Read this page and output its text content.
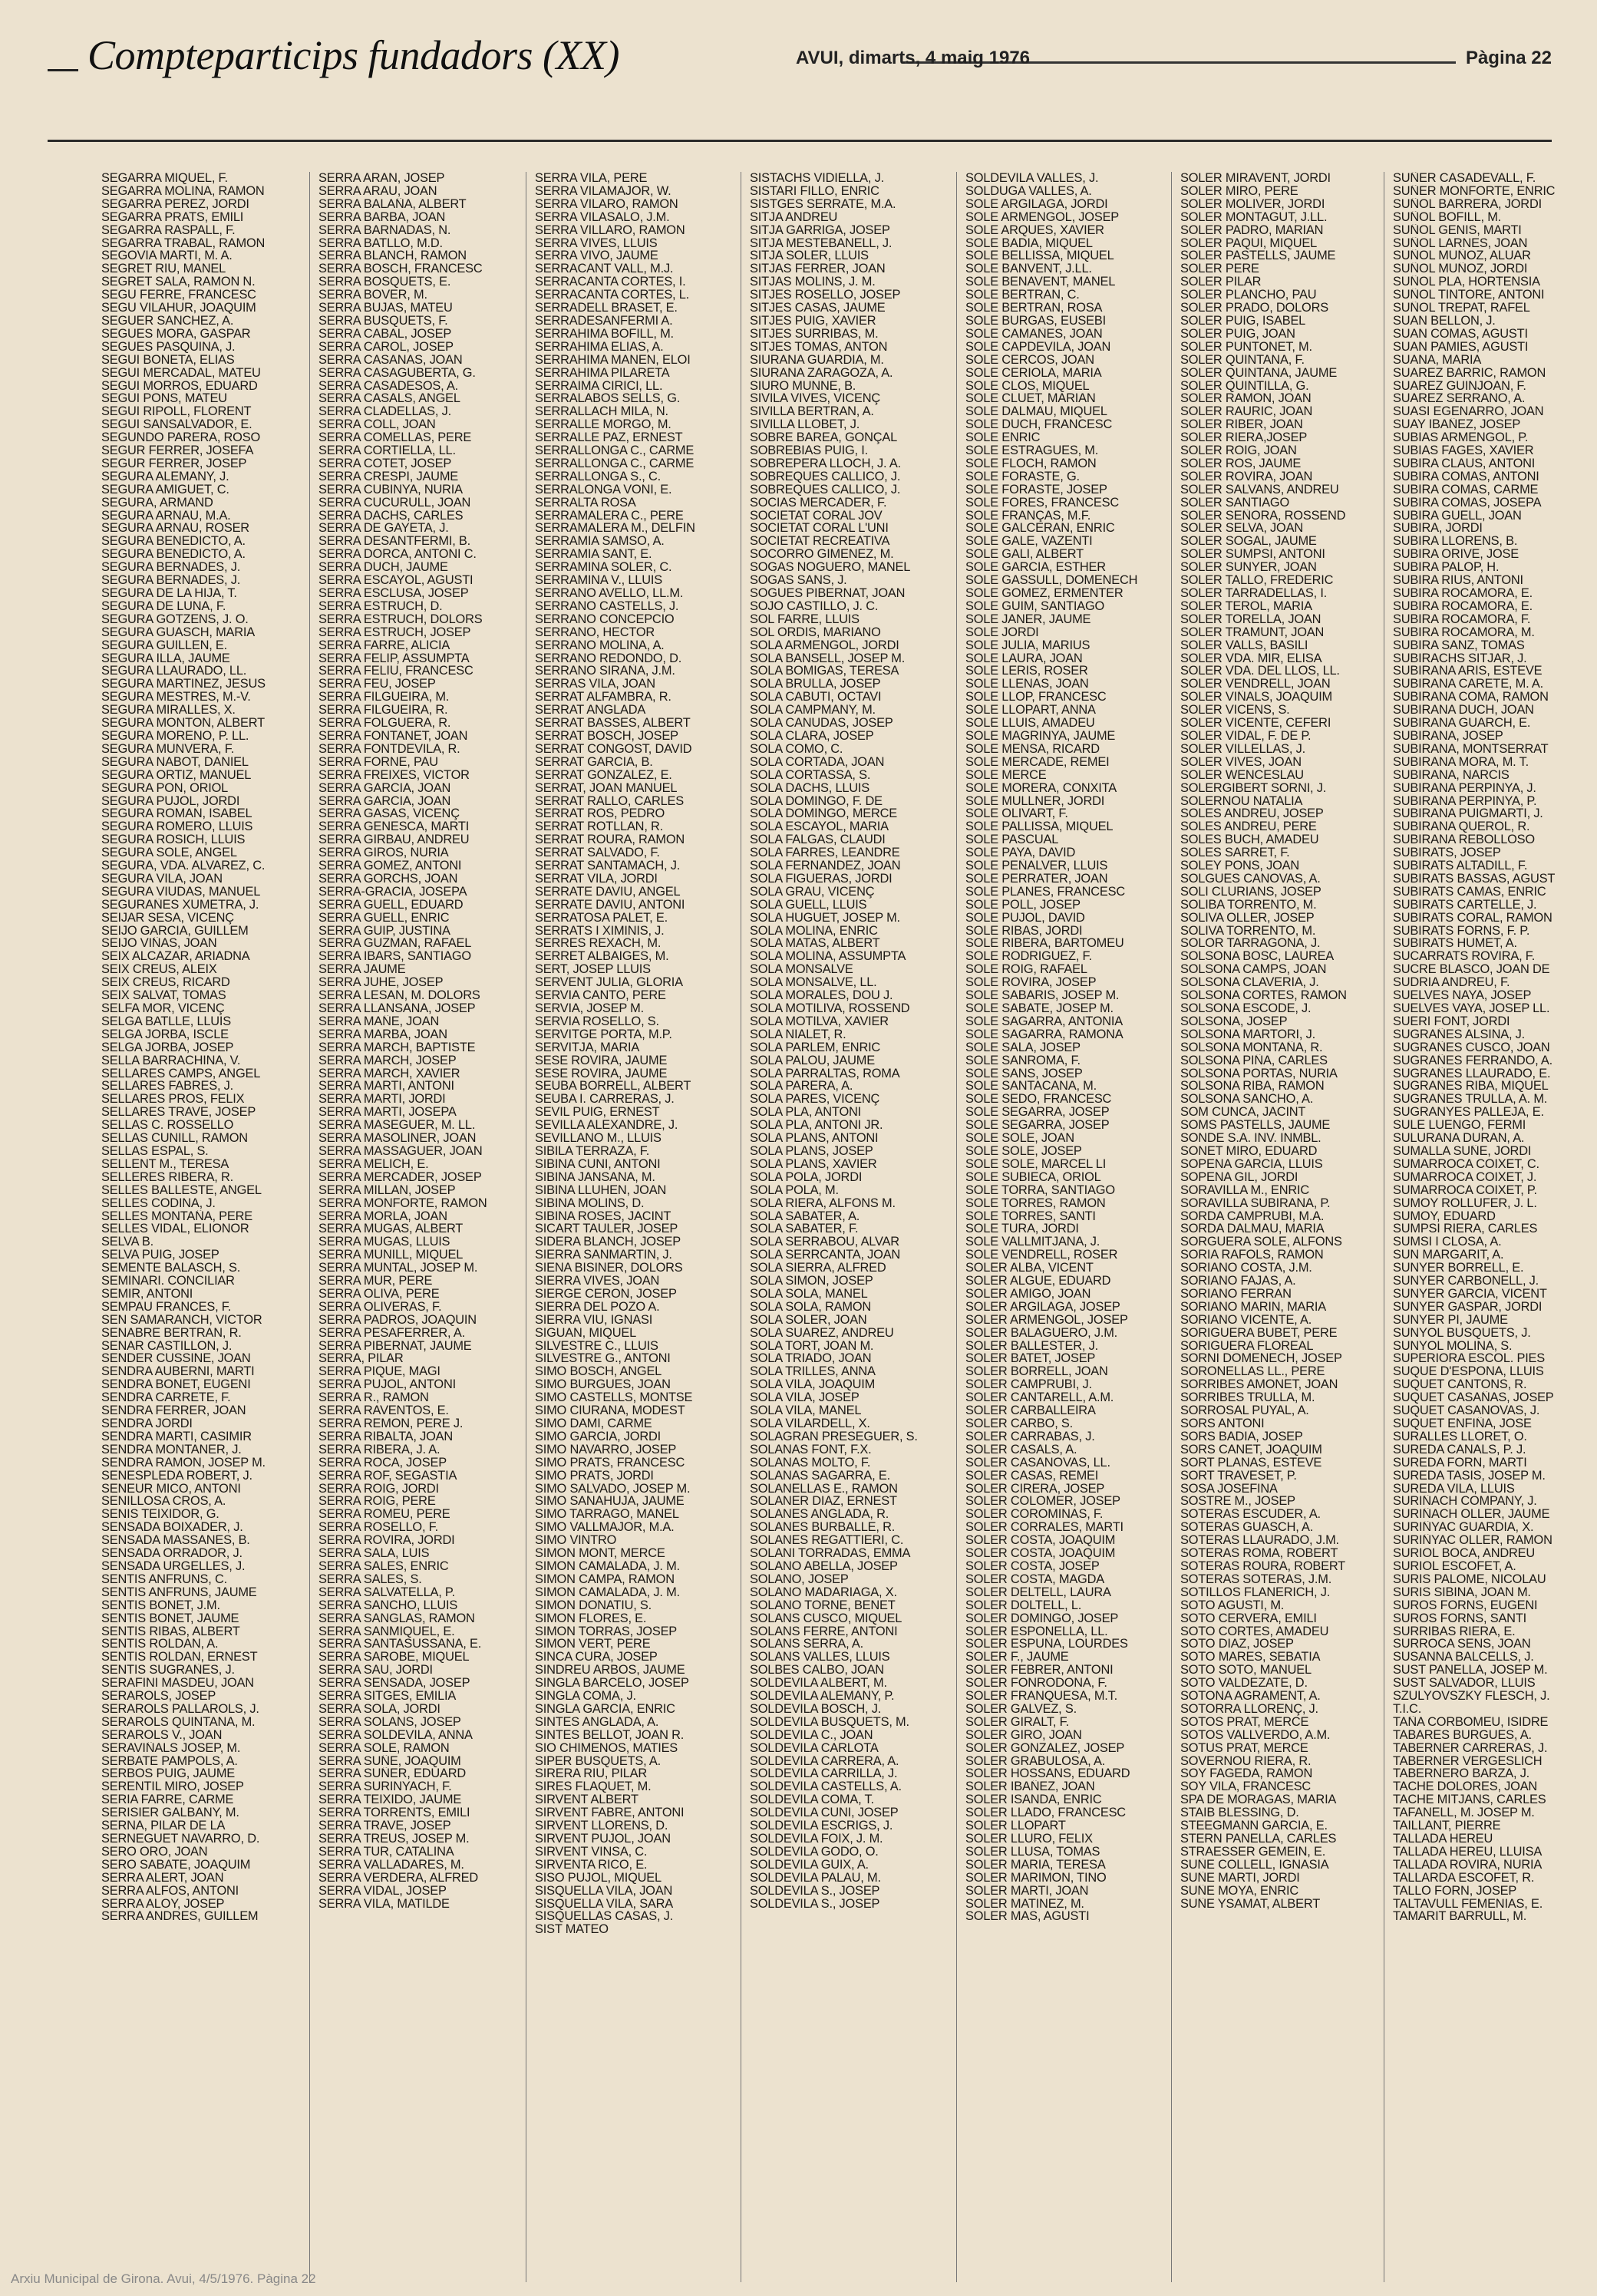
Compteparticips fundadors (XX)	AVUI, dimarts, 4 maig 1976	Pàgina 22
SEGARRA MIQUEL, F.
SEGARRA MOLINA, RAMON
SEGARRA PEREZ, JORDI
SEGARRA PRATS, EMILI
SEGARRA RASPALL, F.
SEGARRA TRABAL, RAMON
SEGOVIA MARTI, M. A.
SEGRET RIU, MANEL
SEGRET SALA, RAMON N.
SEGU FERRE, FRANCESC
SEGU VILAHUR, JOAQUIM
SEGUER SANCHEZ, A.
SEGUES MORA, GASPAR
SEGUES PASQUINA, J.
SEGUI BONETA, ELIAS
SEGUI MERCADAL, MATEU
SEGUI MORROS, EDUARD
SEGUI PONS, MATEU
SEGUI RIPOLL, FLORENT
SEGUI SANSALVADOR, E.
SEGUNDO PARERA, ROSO
SEGUR FERRER, JOSEFA
SEGUR FERRER, JOSEP
SEGURA ALEMANY, J.
SEGURA AMIGUET, C.
SEGURA, ARMAND
SEGURA ARNAU, M.A.
SEGURA ARNAU, ROSER
SEGURA BENEDICTO, A.
SEGURA BENEDICTO, A.
SEGURA BERNADES, J.
SEGURA BERNADES, J.
SEGURA DE LA HIJA, T.
SEGURA DE LUNA, F.
SEGURA GOTZENS, J. O.
SEGURA GUASCH, MARIA
SEGURA GUILLEN, E.
SEGURA ILLA, JAUME
SEGURA LLAURADO, LL.
SEGURA MARTINEZ, JESUS
SEGURA MESTRES, M.-V.
SEGURA MIRALLES, X.
SEGURA MONTON, ALBERT
SEGURA MORENO, P. LL.
SEGURA MUNVERA, F.
SEGURA NABOT, DANIEL
SEGURA ORTIZ, MANUEL
SEGURA PON, ORIOL
SEGURA PUJOL, JORDI
SEGURA ROMAN, ISABEL
SEGURA ROMERO, LLUIS
SEGURA ROSICH, LLUIS
SEGURA SOLE, ANGEL
SEGURA, VDA. ALVAREZ, C.
SEGURA VILA, JOAN
SEGURA VIUDAS, MANUEL
SEGURAÑES XUMETRA, J.
SEIJAR SESA, VICENÇ
SEIJO GARCIA, GUILLEM
SEIJO VIÑAS, JOAN
SEIX ALCAZAR, ARIADNA
SEIX CREUS, ALEIX
SEIX CREUS, RICARD
SEIX SALVAT, TOMAS
SELFA MOR, VICENÇ
SELGA BATLLE, LLUIS
SELGA JORBA, ISCLE
SELGA JORBA, JOSEP
SELLA BARRACHINA, V.
SELLARES CAMPS, ANGEL
SELLARES FABRES, J.
SELLARES PROS, FELIX
SELLARES TRAVE, JOSEP
SELLAS C. ROSSELLO
SELLAS CUNILL, RAMON
SELLAS ESPAL, S.
SELLENT M., TERESA
SELLERES RIBERA, R.
SELLES BALLESTE, ANGEL
SELLES CODINA, J.
SELLES MONTAÑA, PERE
SELLES VIDAL, ELIONOR
SELVA B.
SELVA PUIG, JOSEP
SEMENTE BALASCH, S.
SEMINARI. CONCILIAR
SEMIR, ANTONI
SEMPAU FRANCES, F.
SEN SAMARANCH, VICTOR
SENABRE BERTRAN, R.
SENAR CASTILLON, J.
SENDER CUSSINE, JOAN
SENDRA AUBERNI, MARTI
SENDRA BONET, EUGENI
SENDRA CARRETE, F.
SENDRA FERRER, JOAN
SENDRA JORDI
SENDRA MARTI, CASIMIR
SENDRA MONTANER, J.
SENDRA RAMON, JOSEP M.
SENESPLEDA ROBERT, J.
SENEUR MICO, ANTONI
SENILLOSA CROS, A.
SENIS TEIXIDOR, G.
SENSADA BOIXADER, J.
SENSADA MASSANES, B.
SENSADA ORRADOR, J.
SENSADA URGELLES, J.
SENTIS ANFRUNS, C.
SENTIS ANFRUNS, JAUME
SENTIS BONET, J.M.
SENTIS BONET, JAUME
SENTIS RIBAS, ALBERT
SENTIS ROLDAN, A.
SENTIS ROLDAN, ERNEST
SENTIS SUGRAÑES, J.
SERAFINI MASDEU, JOAN
SERAROLS, JOSEP
SERAROLS PALLAROLS, J.
SERAROLS QUINTANA, M.
SERAROLS V., JOAN
SERAVIÑALS JOSEP, M.
SERBATE PAMPOLS, A.
SERBOS PUIG, JAUME
SERENTIL MIRO, JOSEP
SERIA FARRE, CARME
SERISIER GALBANY, M.
SERNA, PILAR DE LA
SERNEGUET NAVARRO, D.
SERO ORO, JOAN
SERO SABATE, JOAQUIM
SERRA ALERT, JOAN
SERRA ALFOS, ANTONI
SERRA ALOY, JOSEP
SERRA ANDRES, GUILLEM
SERRA ARAN, JOSEP
SERRA ARAU, JOAN
SERRA BALAÑA, ALBERT
SERRA BARBA, JOAN
SERRA BARNADAS, N.
SERRA BATLLO, M.D.
SERRA BLANCH, RAMON
SERRA BOSCH, FRANCESC
SERRA BOSQUETS, E.
SERRA BOVER, M.
SERRA BUJAS, MATEU
SERRA BUSQUETS, F.
SERRA CABAL, JOSEP
SERRA CAROL, JOSEP
SERRA CASANAS, JOAN
SERRA CASAGUBERTA, G.
SERRA CASADESOS, A.
SERRA CASALS, ANGEL
SERRA CLADELLAS, J.
SERRA COLL, JOAN
SERRA COMELLAS, PERE
SERRA CORTIELLA, LL.
SERRA COTET, JOSEP
SERRA CRESPI, JAUME
SERRA CUBINYA, NURIA
SERRA CUCURULL, JOAN
SERRA DACHS, CARLES
SERRA DE GAYETA, J.
SERRA DESANTFERMI, B.
SERRA DORCA, ANTONI C.
SERRA DUCH, JAUME
SERRA ESCAYOL, AGUSTI
SERRA ESCLUSA, JOSEP
SERRA ESTRUCH, D.
SERRA ESTRUCH, DOLORS
SERRA ESTRUCH, JOSEP
SERRA FARRE, ALICIA
SERRA FELIP, ASSUMPTA
SERRA FELIU, FRANCESC
SERRA FEU, JOSEP
SERRA FILGUEIRA, M.
SERRA FILGUEIRA, R.
SERRA FOLGUERA, R.
SERRA FONTANET, JOAN
SERRA FONTDEVILA, R.
SERRA FORNE, PAU
SERRA FREIXES, VICTOR
SERRA GARCIA, JOAN
SERRA GARCIA, JOAN
SERRA GASAS, VICENÇ
SERRA GENESCA, MARTI
SERRA GIRBAU, ANDREU
SERRA GIROS, NURIA
SERRA GOMEZ, ANTONI
SERRA GORCHS, JOAN
SERRA-GRACIA, JOSEPA
SERRA GUELL, EDUARD
SERRA GUELL, ENRIC
SERRA GUIP, JUSTINA
SERRA GUZMAN, RAFAEL
SERRA IBARS, SANTIAGO
SERRA JAUME
SERRA JUHE, JOSEP
SERRA LESAN, M. DOLORS
SERRA LLANSANA, JOSEP
SERRA MAÑE, JOAN
SERRA MARBA, JOAN
SERRA MARCH, BAPTISTE
SERRA MARCH, JOSEP
SERRA MARCH, XAVIER
SERRA MARTI, ANTONI
SERRA MARTI, JORDI
SERRA MARTI, JOSEPA
SERRA MASEGUER, M. LL.
SERRA MASOLINER, JOAN
SERRA MASSAGUER, JOAN
SERRA MELICH, E.
SERRA MERCADER, JOSEP
SERRA MILLAN, JOSEP
SERRA MONFORTE, RAMON
SERRA MORLA, JOAN
SERRA MUGAS, ALBERT
SERRA MUGAS, LLUIS
SERRA MUNILL, MIQUEL
SERRA MUNTAL, JOSEP M.
SERRA MUR, PERE
SERRA OLIVA, PERE
SERRA OLIVERAS, F.
SERRA PADROS, JOAQUIN
SERRA PESAFERRER, A.
SERRA PIBERNAT, JAUME
SERRA, PILAR
SERRA PIQUE, MAGI
SERRA PUJOL, ANTONI
SERRA R., RAMON
SERRA RAVENTOS, E.
SERRA REMON, PERE J.
SERRA RIBALTA, JOAN
SERRA RIBERA, J. A.
SERRA ROCA, JOSEP
SERRA ROF, SEGASTIA
SERRA ROIG, JORDI
SERRA ROIG, PERE
SERRA ROMEU, PERE
SERRA ROSELLO, F.
SERRA ROVIRA, JORDI
SERRA SALA, LUIS
SERRA SALES, ENRIC
SERRA SALES, S.
SERRA SALVATELLA, P.
SERRA SANCHO, LLUIS
SERRA SANGLAS, RAMON
SERRA SANMIQUEL, E.
SERRA SANTASUSSANA, E.
SERRA SAROBE, MIQUEL
SERRA SAU, JORDI
SERRA SENSADA, JOSEP
SERRA SITGES, EMILIA
SERRA SOLA, JORDI
SERRA SOLANS, JOSEP
SERRA SOLDEVILA, ANNA
SERRA SOLE, RAMON
SERRA SUÑE, JOAQUIM
SERRA SUÑER, EDUARD
SERRA SURINYACH, F.
SERRA TEIXIDO, JAUME
SERRA TORRENTS, EMILI
SERRA TRAVE, JOSEP
SERRA TREUS, JOSEP M.
SERRA TUR, CATALINA
SERRA VALLADARES, M.
SERRA VERDERA, ALFRED
SERRA VIDAL, JOSEP
SERRA VILA, MATILDE
SERRA VILA, PERE
SERRA VILAMAJOR, W.
SERRA VILARO, RAMON
SERRA VILASALO, J.M.
SERRA VILLARO, RAMON
SERRA VIVES, LLUIS
SERRA VIVO, JAUME
SERRACANT VALL, M.J.
SERRACANTA CORTES, I.
SERRACANTA CORTES, L.
SERRADELL BRASET, E.
SERRADESANFERMI A.
SERRAHIMA BOFILL, M.
SERRAHIMA ELIAS, A.
SERRAHIMA MANEN, ELOI
SERRAHIMA PILARETA
SERRAIMA CIRICI, LL.
SERRALABOS SELLS, G.
SERRALLACH MILA, N.
SERRALLE MORGO, M.
SERRALLE PAZ, ERNEST
SERRALLONGA C., CARME
SERRALLONGA C., CARME
SERRALLONGA S., C.
SERRALONGA VONI, E.
SERRALTA ROSA
SERRAMALERA C., PERE
SERRAMALERA M., DELFIN
SERRAMIA SAMSO, A.
SERRAMIA SANT, E.
SERRAMINA SOLER, C.
SERRAMINA V., LLUIS
SERRANO AVELLO, LL.M.
SERRANO CASTELLS, J.
SERRANO CONCEPCIO
SERRANO, HECTOR
SERRANO MOLINA, A.
SERRANO REDONDO, D.
SERRANO SIRAÑA, J.M.
SERRAS VILA, JOAN
SERRAT ALFAMBRA, R.
SERRAT ANGLADA
SERRAT BASSES, ALBERT
SERRAT BOSCH, JOSEP
SERRAT CONGOST, DAVID
SERRAT GARCIA, B.
SERRAT GONZALEZ, E.
SERRAT, JOAN MANUEL
SERRAT RALLO, CARLES
SERRAT ROS, PEDRO
SERRAT ROTLLAN, R.
SERRAT ROURA, RAMON
SERRAT SALVADO, F.
SERRAT SANTAMACH, J.
SERRAT VILA, JORDI
SERRATE DAVIU, ANGEL
SERRATE DAVIU, ANTONI
SERRATOSA PALET, E.
SERRATS I XIMINIS, J.
SERRES REXACH, M.
SERRET ALBAIGES, M.
SERT, JOSEP LLUIS
SERVENT JULIA, GLORIA
SERVIA CANTO, PERE
SERVIA, JOSEP M.
SERVIA ROSELLO, S.
SERVITGE PORTA, M.P.
SERVITJA, MARIA
SESE ROVIRA, JAUME
SESE ROVIRA, JAUME
SEUBA BORRELL, ALBERT
SEUBA I. CARRERAS, J.
SEVIL PUIG, ERNEST
SEVILLA ALEXANDRE, J.
SEVILLANO M., LLUIS
SIBILA TERRAZA, F.
SIBINA CUNI, ANTONI
SIBINA JANSANA, M.
SIBINA LLUHEN, JOAN
SIBINA MOLINS, D.
SIBINA ROSES, JACINT
SICART TAULER, JOSEP
SIDERA BLANCH, JOSEP
SIERRA SANMARTIN, J.
SIENA BISINER, DOLORS
SIERRA VIVES, JOAN
SIERGE CERON, JOSEP
SIERRA DEL POZO A.
SIERRA VIU, IGNASI
SIGUAN, MIQUEL
SILVESTRE C., LLUIS
SILVESTRE G., ANTONI
SIMO BOSCH, ANGEL
SIMO BURGUES, JOAN
SIMO CASTELLS, MONTSE
SIMO CIURANA, MODEST
SIMO DAMI, CARME
SIMO GARCIA, JORDI
SIMO NAVARRO, JOSEP
SIMO PRATS, FRANCESC
SIMO PRATS, JORDI
SIMO SALVADO, JOSEP M.
SIMO SANAHUJA, JAUME
SIMO TARRAGO, MANEL
SIMO VALLMAJOR, M.A.
SIMO VINTRO
SIMON MONT, MERCE
SIMON CAMALADA, J. M.
SIMON CAMPA, RAMON
SIMON CAMALADA, J. M.
SIMON DONATIU, S.
SIMON FLORES, E.
SIMON TORRAS, JOSEP
SIMON VERT, PERE
SINCA CURA, JOSEP
SINDREU ARBOS, JAUME
SINGLA BARCELO, JOSEP
SINGLA COMA, J.
SINGLA GARCIA, ENRIC
SINTES ANGLADA, A.
SINTES BELLOT, JOAN R.
SIO CHIMENOS, MATIES
SIPER BUSQUETS, A.
SIRERA RIU, PILAR
SIRES FLAQUET, M.
SIRVENT ALBERT
SIRVENT FABRE, ANTONI
SIRVENT LLORENS, D.
SIRVENT PUJOL, JOAN
SIRVENT VINSA, C.
SIRVENTA RICO, E.
SISO PUJOL, MIQUEL
SISQUELLA VILA, JOAN
SISQUELLA VILA, SARA
SISQUELLAS CASAS, J.
SIST MATEO
SISTACHS VIDIELLA, J.
SISTARI FILLO, ENRIC
SISTGES SERRATE, M.A.
SITJA ANDREU
SITJA GARRIGA, JOSEP
SITJA MESTEBANELL, J.
SITJA SOLER, LLUIS
SITJAS FERRER, JOAN
SITJAS MOLINS, J. M.
SITJES ROSELLO, JOSEP
SITJES CASAS, JAUME
SITJES PUIG, XAVIER
SITJES SURRIBAS, M.
SITJES TOMAS, ANTON
SIURANA GUARDIA, M.
SIURANA ZARAGOZA, A.
SIURO MUNNE, B.
SIVILA VIVES, VICENÇ
SIVILLA BERTRAN, A.
SIVILLA LLOBET, J.
SOBRE BAREA, GONÇAL
SOBREBIAS PUIG, I.
SOBREPERA LLOCH, J. A.
SOBREQUES CALLICO, J.
SOBREQUES CALLICO, J.
SOCIAS MERCADER, F.
SOCIETAT CORAL JOV
SOCIETAT CORAL L'UNI
SOCIETAT RECREATIVA
SOCORRO GIMENEZ, M.
SOGAS NOGUERO, MANEL
SOGAS SANS, J.
SOGUES PIBERNAT, JOAN
SOJO CASTILLO, J. C.
SOL FARRE, LLUIS
SOL ORDIS, MARIANO
SOLA ARMENGOL, JORDI
SOLA BANSELL, JOSEP M.
SOLA BOMIGAS, TERESA
SOLA BRULLA, JOSEP
SOLA CABUTI, OCTAVI
SOLA CAMPMANY, M.
SOLA CANUDAS, JOSEP
SOLA CLARA, JOSEP
SOLA COMO, C.
SOLA CORTADA, JOAN
SOLA CORTASSA, S.
SOLA DACHS, LLUIS
SOLA DOMINGO, F. DE
SOLA DOMINGO, MERCE
SOLA ESCAYOL, MARIA
SOLA FALGAS, CLAUDI
SOLA FARRES, LEANDRE
SOLA FERNANDEZ, JOAN
SOLA FIGUERAS, JORDI
SOLA GRAU, VICENÇ
SOLA GUELL, LLUIS
SOLA HUGUET, JOSEP M.
SOLA MOLINA, ENRIC
SOLA MATAS, ALBERT
SOLA MOLINA, ASSUMPTA
SOLA MONSALVE
SOLA MONSALVE, LL.
SOLA MORALES, DOU J.
SOLA MOTILIVA, ROSSEND
SOLA MOTILVA, XAVIER
SOLA NIALET, R.
SOLA PARLEM, ENRIC
SOLA PALOU, JAUME
SOLA PARRALTAS, ROMA
SOLA PARERA, A.
SOLA PARES, VICENÇ
SOLA PLA, ANTONI
SOLA PLA, ANTONI JR.
SOLA PLANS, ANTONI
SOLA PLANS, JOSEP
SOLA PLANS, XAVIER
SOLA POLA, JORDI
SOLA POLA, M.
SOLA RIERA, ALFONS M.
SOLA SABATER, A.
SOLA SABATER, F.
SOLA SERRABOU, ALVAR
SOLA SERRCANTA, JOAN
SOLA SIERRA, ALFRED
SOLA SIMON, JOSEP
SOLA SOLA, MANEL
SOLA SOLA, RAMON
SOLA SOLER, JOAN
SOLA SUAREZ, ANDREU
SOLA TORT, JOAN M.
SOLA TRIADO, JOAN
SOLA TRILLES, ANNA
SOLA VILA, JOAQUIM
SOLA VILA, JOSEP
SOLA VILA, MANEL
SOLA VILARDELL, X.
SOLAGRAN PRESEGUER, S.
SOLANAS FONT, F.X.
SOLANAS MOLTO, F.
SOLANAS SAGARRA, E.
SOLANELLAS E., RAMON
SOLANER DIAZ, ERNEST
SOLANES ANGLADA, R.
SOLANES BURBALLE, R.
SOLANES REGATTIERI, C.
SOLANI TORRADAS, EMMA
SOLANO ABELLA, JOSEP
SOLANO, JOSEP
SOLANO MADARIAGA, X.
SOLANO TORNE, BENET
SOLANS CUSCO, MIQUEL
SOLANS FERRE, ANTONI
SOLANS SERRA, A.
SOLANS VALLES, LLUIS
SOLBES CALBO, JOAN
SOLDEVILA ALBERT, M.
SOLDEVILA ALEMANY, P.
SOLDEVILA BOSCH, J.
SOLDEVILA BUSQUETS, M.
SOLDEVILA C., JOAN
SOLDEVILA CARLOTA
SOLDEVILA CARRERA, A.
SOLDEVILA CARRILLA, J.
SOLDEVILA CASTELLS, A.
SOLDEVILA COMA, T.
SOLDEVILA CUNI, JOSEP
SOLDEVILA ESCRIGS, J.
SOLDEVILA FOIX, J. M.
SOLDEVILA GODO, O.
SOLDEVILA GUIX, A.
SOLDEVILA PALAU, M.
SOLDEVILA S., JOSEP
SOLDEVILA S., JOSEP
SOLDEVILA VALLES, J.
SOLDUGA VALLES, A.
SOLE ARGILAGA, JORDI
SOLE ARMENGOL, JOSEP
SOLE ARQUES, XAVIER
SOLE BADIA, MIQUEL
SOLE BELLISSA, MIQUEL
SOLE BANVENT, J.LL.
SOLE BENAVENT, MANEL
SOLE BERTRAN, C.
SOLE BERTRAN, ROSA
SOLE BURGAS, EUSEBI
SOLE CAMAÑES, JOAN
SOLE CAPDEVILA, JOAN
SOLE CERCOS, JOAN
SOLE CERIOLA, MARIA
SOLE CLOS, MIQUEL
SOLE CLUET, MARIAN
SOLE DALMAU, MIQUEL
SOLE DUCH, FRANCESC
SOLE ENRIC
SOLE ESTRAGUES, M.
SOLE FLOCH, RAMON
SOLE FORASTE, G.
SOLE FORASTE, JOSEP
SOLE FORES, FRANCESC
SOLE FRANÇAS, M.F.
SOLE GALCERAN, ENRIC
SOLE GALE, VAZENTI
SOLE GALI, ALBERT
SOLE GARCIA, ESTHER
SOLE GASSULL, DOMENECH
SOLE GOMEZ, ERMENTER
SOLE GUIM, SANTIAGO
SOLE JANER, JAUME
SOLE JORDI
SOLE JULIA, MARIUS
SOLE LAURA, JOAN
SOLE LERIS, ROSER
SOLE LLENAS, JOAN
SOLE LLOP, FRANCESC
SOLE LLOPART, ANNA
SOLE LLUIS, AMADEU
SOLE MAGRINYA, JAUME
SOLE MENSA, RICARD
SOLE MERCADE, REMEI
SOLE MERCE
SOLE MORERA, CONXITA
SOLE MULLNER, JORDI
SOLE OLIVART, F.
SOLE PALLISSA, MIQUEL
SOLE PASCUAL
SOLE PAYA, DAVID
SOLE PEÑALVER, LLUIS
SOLE PERRATER, JOAN
SOLE PLANES, FRANCESC
SOLE POLL, JOSEP
SOLE PUJOL, DAVID
SOLE RIBAS, JORDI
SOLE RIBERA, BARTOMEU
SOLE RODRIGUEZ, F.
SOLE ROIG, RAFAEL
SOLE ROVIRA, JOSEP
SOLE SABARIS, JOSEP M.
SOLE SABATE, JOSEP M.
SOLE SAGARRA, ANTONIA
SOLE SAGARRA, RAMONA
SOLE SALA, JOSEP
SOLE SANROMA, F.
SOLE SANS, JOSEP
SOLE SANTACANA, M.
SOLE SEDO, FRANCESC
SOLE SEGARRA, JOSEP
SOLE SEGARRA, JOSEP
SOLE SOLE, JOAN
SOLE SOLE, JOSEP
SOLE SOLE, MARCEL LI
SOLE SUBIECA, ORIOL
SOLE TORRA, SANTIAGO
SOLE TORRES, RAMON
SOLE TORRES, SANTI
SOLE TURA, JORDI
SOLE VALLMITJANA, J.
SOLE VENDRELL, ROSER
SOLER ALBA, VICENT
SOLER ALGUE, EDUARD
SOLER AMIGO, JOAN
SOLER ARGILAGA, JOSEP
SOLER ARMENGOL, JOSEP
SOLER BALAGUERO, J.M.
SOLER BALLESTER, J.
SOLER BATET, JOSEP
SOLER BORRELL, JOAN
SOLER CAMPRUBI, J.
SOLER CANTARELL, A.M.
SOLER CARBALLEIRA
SOLER CARBO, S.
SOLER CARRABAS, J.
SOLER CASALS, A.
SOLER CASANOVAS, LL.
SOLER CASAS, REMEI
SOLER CIRERA, JOSEP
SOLER COLOMER, JOSEP
SOLER COROMINAS, F.
SOLER CORRALES, MARTI
SOLER COSTA, JOAQUIM
SOLER COSTA, JOAQUIM
SOLER COSTA, JOSEP
SOLER COSTA, MAGDA
SOLER DELTELL, LAURA
SOLER DOLTELL, L.
SOLER DOMINGO, JOSEP
SOLER ESPONELLA, LL.
SOLER ESPUÑA, LOURDES
SOLER F., JAUME
SOLER FEBRER, ANTONI
SOLER FONRODONA, F.
SOLER FRANQUESA, M.T.
SOLER GALVEZ, S.
SOLER GIRALT, F.
SOLER GIRO, JOAN
SOLER GONZALEZ, JOSEP
SOLER GRABULOSA, A.
SOLER HOSSANS, EDUARD
SOLER IBAÑEZ, JOAN
SOLER ISANDA, ENRIC
SOLER LLADO, FRANCESC
SOLER LLOPART
SOLER LLURO, FELIX
SOLER LLUSA, TOMAS
SOLER MARIA, TERESA
SOLER MARIMON, TINO
SOLER MARTI, JOAN
SOLER MATINEZ, M.
SOLER MAS, AGUSTI
SOLER MIRAVENT, JORDI
SOLER MIRO, PERE
SOLER MOLIVER, JORDI
SOLER MONTAGUT, J.LL.
SOLER PADRO, MARIAN
SOLER PAQUI, MIQUEL
SOLER PASTELLS, JAUME
SOLER PERE
SOLER PILAR
SOLER PLANCHO, PAU
SOLER PRADO, DOLORS
SOLER PUIG, ISABEL
SOLER PUIG, JOAN
SOLER PUNTONET, M.
SOLER QUINTANA, F.
SOLER QUINTANA, JAUME
SOLER QUINTILLA, G.
SOLER RAMON, JOAN
SOLER RAURIC, JOAN
SOLER RIBER, JOAN
SOLER RIERA,JOSEP
SOLER ROIG, JOAN
SOLER ROS, JAUME
SOLER ROVIRA, JOAN
SOLER SALVANS, ANDREU
SOLER SANTIAGO
SOLER SEÑORA, ROSSEND
SOLER SELVA, JOAN
SOLER SOGAL, JAUME
SOLER SUMPSI, ANTONI
SOLER SUNYER, JOAN
SOLER TALLO, FREDERIC
SOLER TARRADELLAS, I.
SOLER TEROL, MARIA
SOLER TORELLA, JOAN
SOLER TRAMUNT, JOAN
SOLER VALLS, BASILI
SOLER VDA. MIR, ELISA
SOLER VDA. DEL LLOS, LL.
SOLER VENDRELL, JOAN
SOLER VIÑALS, JOAQUIM
SOLER VICENS, S.
SOLER VICENTE, CEFERI
SOLER VIDAL, F. DE P.
SOLER VILLELLAS, J.
SOLER VIVES, JOAN
SOLER WENCESLAU
SOLERGIBERT SORNI, J.
SOLERNOU NATALIA
SOLES ANDREU, JOSEP
SOLES ANDREU, PERE
SOLES BUCH, AMADEU
SOLES SARRET, F.
SOLEY PONS, JOAN
SOLGUES CANOVAS, A.
SOLI CLURIANS, JOSEP
SOLIBA TORRENTO, M.
SOLIVA OLLER, JOSEP
SOLIVA TORRENTO, M.
SOLOR TARRAGONA, J.
SOLSONA BOSC, LAUREA
SOLSONA CAMPS, JOAN
SOLSONA CLAVERIA, J.
SOLSONA CORTES, RAMON
SOLSONA ESCODE, J.
SOLSONA, JOSEP
SOLSONA MARTORI, J.
SOLSONA MONTAÑA, R.
SOLSONA PIÑA, CARLES
SOLSONA PORTAS, NURIA
SOLSONA RIBA, RAMON
SOLSONA SANCHO, A.
SOM CUNCA, JACINT
SOMS PASTELLS, JAUME
SONDE S.A. INV. INMBL.
SONET MIRO, EDUARD
SOPENA GARCIA, LLUIS
SOPENA GIL, JORDI
SORAVILLA M., ENRIC
SORAVILLA SUBIRANA, P.
SORDA CAMPRUBI, M.A.
SORDA DALMAU, MARIA
SORGUERA SOLE, ALFONS
SORIA RAFOLS, RAMON
SORIANO COSTA, J.M.
SORIANO FAJAS, A.
SORIANO FERRAN
SORIANO MARIN, MARIA
SORIANO VICENTE, A.
SORIGUERA BUBET, PERE
SORIGUERA FLOREAL
SORNI DOMENECH, JOSEP
SORONELLAS LL., PERE
SORRIBES AMONET, JOAN
SORRIBES TRULLA, M.
SORROSAL PUYAL, A.
SORS ANTONI
SORS BADIA, JOSEP
SORS CANET, JOAQUIM
SORT PLANAS, ESTEVE
SORT TRAVESET, P.
SOSA JOSEFINA
SOSTRE M., JOSEP
SOTERAS ESCUDER, A.
SOTERAS GUASCH, A.
SOTERAS LLAURADO, J.M.
SOTERAS ROMA, ROBERT
SOTERAS ROURA, ROBERT
SOTERAS SOTERAS, J.M.
SOTILLOS FLANERICH, J.
SOTO AGUSTI, M.
SOTO CERVERA, EMILI
SOTO CORTES, AMADEU
SOTO DIAZ, JOSEP
SOTO MARES, SEBATIA
SOTO SOTO, MANUEL
SOTO VALDEZATE, D.
SOTONA AGRAMENT, A.
SOTORRA LLORENÇ, J.
SOTOS PRAT, MERCE
SOTOS VALLVERDO, A.M.
SOTUS PRAT, MERCE
SOVERNOU RIERA, R.
SOY FAGEDA, RAMON
SOY VILA, FRANCESC
SPA DE MORAGAS, MARIA
STAIB BLESSING, D.
STEEGMANN GARCIA, E.
STERN PANELLA, CARLES
STRAESSER GEMEIN, E.
SUÑE COLLELL, IGNASIA
SUÑE MARTI, JORDI
SUÑE MOYA, ENRIC
SUÑE YSAMAT, ALBERT
SUÑER CASADEVALL, F.
SUÑER MONFORTE, ENRIC
SUÑOL BARRERA, JORDI
SUÑOL BOFILL, M.
SUÑOL GENIS, MARTI
SUÑOL LARNES, JOAN
SUÑOL MUÑOZ, ALUAR
SUÑOL MUÑOZ, JORDI
SUÑOL PLA, HORTENSIA
SUÑOL TINTORE, ANTONI
SUÑOL TREPAT, RAFEL
SUAN BELLON, J.
SUAN COMAS, AGUSTI
SUAN PAMIES, AGUSTI
SUANA, MARIA
SUAREZ BARRIC, RAMON
SUAREZ GUINJOAN, F.
SUAREZ SERRANO, A.
SUASI EGENARRO, JOAN
SUAY IBAÑEZ, JOSEP
SUBIAS ARMENGOL, P.
SUBIAS FAGES, XAVIER
SUBIRA CLAUS, ANTONI
SUBIRA COMAS, ANTONI
SUBIRA COMAS, CARME
SUBIRA COMAS, JOSEPA
SUBIRA GUELL, JOAN
SUBIRA, JORDI
SUBIRA LLORENS, B.
SUBIRA ORIVE, JOSE
SUBIRA PALOP, H.
SUBIRA RIUS, ANTONI
SUBIRA ROCAMORA, E.
SUBIRA ROCAMORA, E.
SUBIRA ROCAMORA, F.
SUBIRA ROCAMORA, M.
SUBIRA SANZ, TOMAS
SUBIRACHS SITJAR, J.
SUBIRANA ARIS, ESTEVE
SUBIRANA CARETE, M. A.
SUBIRANA COMA, RAMON
SUBIRANA DUCH, JOAN
SUBIRANA GUARCH, E.
SUBIRANA, JOSEP
SUBIRANA, MONTSERRAT
SUBIRANA MORA, M. T.
SUBIRANA, NARCIS
SUBIRANA PERPINYA, J.
SUBIRANA PERPINYA, P.
SUBIRANA PUIGMARTI, J.
SUBIRANA QUEROL, R.
SUBIRANA REBOLLOSO
SUBIRATS, JOSEP
SUBIRATS ALTADILL, F.
SUBIRATS BASSAS, AGUST
SUBIRATS CAMAS, ENRIC
SUBIRATS CARTELLE, J.
SUBIRATS CORAL, RAMON
SUBIRATS FORNS, F. P.
SUBIRATS HUMET, A.
SUCARRATS ROVIRA, F.
SUCRE BLASCO, JOAN DE
SUDRIA ANDREU, F.
SUELVES NAYA, JOSEP
SUELVES VAYA, JOSEP LL.
SUERI FONT, JORDI
SUGRAÑES ALSINA, J.
SUGRAÑES CUSCO, JOAN
SUGRAÑES FERRANDO, A.
SUGRAÑES LLAURADO, E.
SUGRAÑES RIBA, MIQUEL
SUGRAÑES TRULLA, A. M.
SUGRANYES PALLEJA, E.
SULE LUENGO, FERMI
SULURANA DURAN, A.
SUMALLA SUÑE, JORDI
SUMARROCA COIXET, C.
SUMARROCA COIXET, J.
SUMARROCA COIXET, P.
SUMOY ROLLUFER, J. L.
SUMOY, EDUARD
SUMPSI RIERA, CARLES
SUMSI I CLOSA, A.
SUN MARGARIT, A.
SUNYER BORRELL, E.
SUNYER CARBONELL, J.
SUNYER GARCIA, VICENT
SUNYER GASPAR, JORDI
SUNYER PI, JAUME
SUNYOL BUSQUETS, J.
SUNYOL MOLINA, S.
SUPERIORA ESCOL. PIES
SUQUE D'ESPONA, LLUIS
SUQUET CANTONS, R.
SUQUET CASAÑAS, JOSEP
SUQUET CASANOVAS, J.
SUQUET ENFIÑA, JOSE
SURALLES LLORET, O.
SUREDA CANALS, P. J.
SUREDA FORN, MARTI
SUREDA TASIS, JOSEP M.
SUREDA VILA, LLUIS
SURIÑACH COMPANY, J.
SURIÑACH OLLER, JAUME
SURIÑYAC GUARDIA, X.
SURIÑYAC OLLER, RAMON
SURIOL BOCA, ANDREU
SURIOL ESCOFET, A.
SURIS PALOME, NICOLAU
SURIS SIBINA, JOAN M.
SUROS FORNS, EUGENI
SUROS FORNS, SANTI
SURRIBAS RIERA, E.
SURROCA SENS, JOAN
SUSANNA BALCELLS, J.
SUST PANELLA, JOSEP M.
SUST SALVADOR, LLUIS
SZULYOVSZKY FLESCH, J.
T.I.C.
TAÑA CORBOMEU, ISIDRE
TABARES BURGUES, A.
TABERNER CARRERAS, J.
TABERNER VERGESLICH
TABERNERO BARZA, J.
TACHE DOLORES, JOAN
TACHE MITJANS, CARLES
TAFANELL, M. JOSEP M.
TAILLANT, PIERRE
TALLADA HEREU
TALLADA HEREU, LLUISA
TALLADA ROVIRA, NURIA
TALLARDA ESCOFET, R.
TALLO FORN, JOSEP
TALTAVULL FEMENIAS, E.
TAMARIT BARRULL, M.
Arxiu Municipal de Girona. Avui, 4/5/1976. Pàgina 22
